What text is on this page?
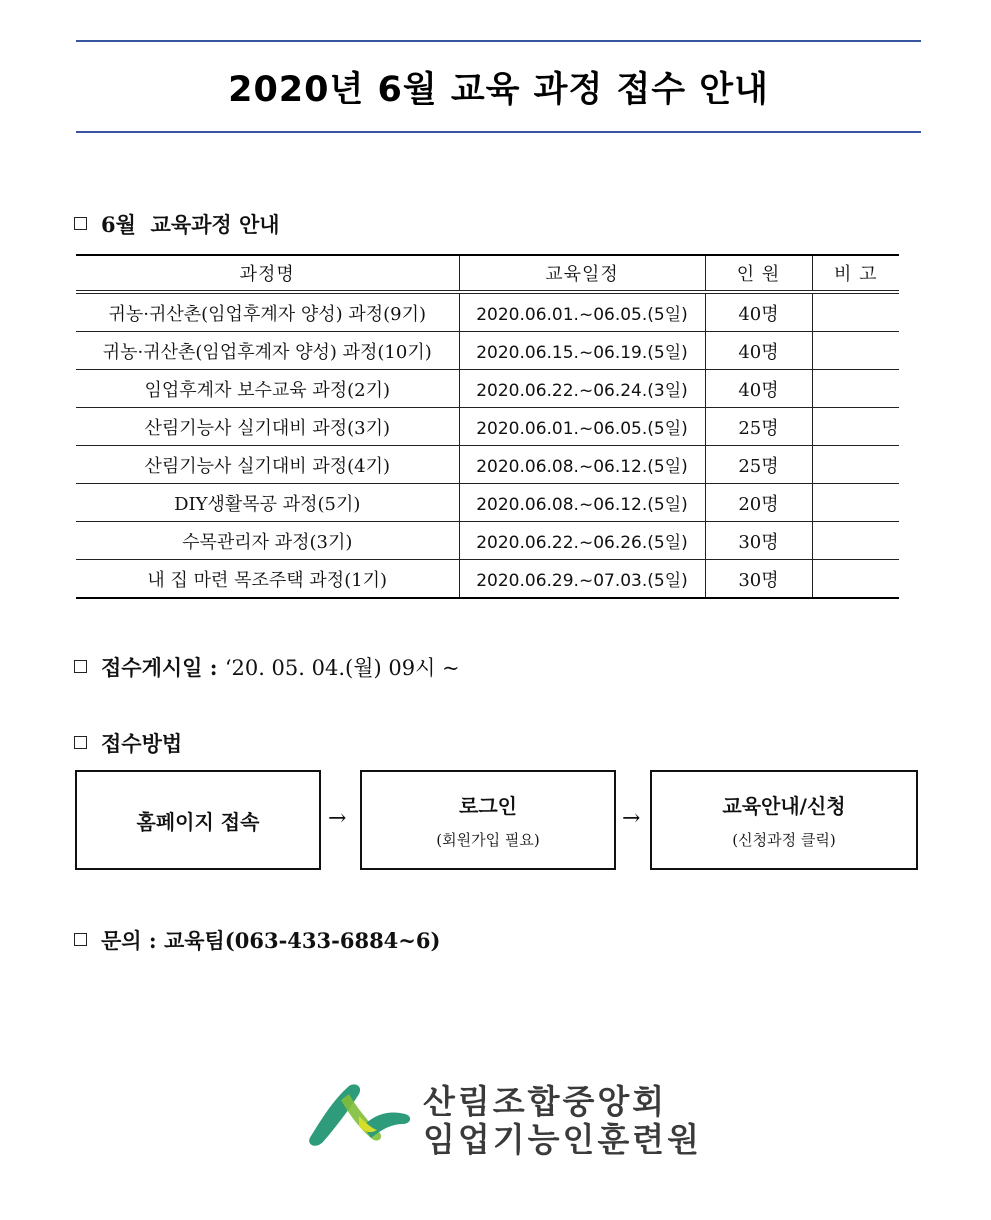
2020년 6월 교육 과정 접수 안내
6월 교육과정 안내
과정명	교육일정	인 원	비 고
귀농·귀산촌(임업후계자 양성) 과정(9기)	2020.06.01.~06.05.(5일)	40명	
귀농·귀산촌(임업후계자 양성) 과정(10기)	2020.06.15.~06.19.(5일)	40명	
임업후계자 보수교육 과정(2기)	2020.06.22.~06.24.(3일)	40명	
산림기능사 실기대비 과정(3기)	2020.06.01.~06.05.(5일)	25명	
산림기능사 실기대비 과정(4기)	2020.06.08.~06.12.(5일)	25명	
DIY생활목공 과정(5기)	2020.06.08.~06.12.(5일)	20명	
수목관리자 과정(3기)	2020.06.22.~06.26.(5일)	30명	
내 집 마련 목조주택 과정(1기)	2020.06.29.~07.03.(5일)	30명	
접수게시일 : ‘20. 05. 04.(월) 09시 ~
접수방법
홈페이지 접속	→	로그인
(회원가입 필요)
→	교육안내/신청
(신청과정 클릭)
문의 : 교육팀(063-433-6884~6)
산림조합중앙회
임업기능인훈련원
